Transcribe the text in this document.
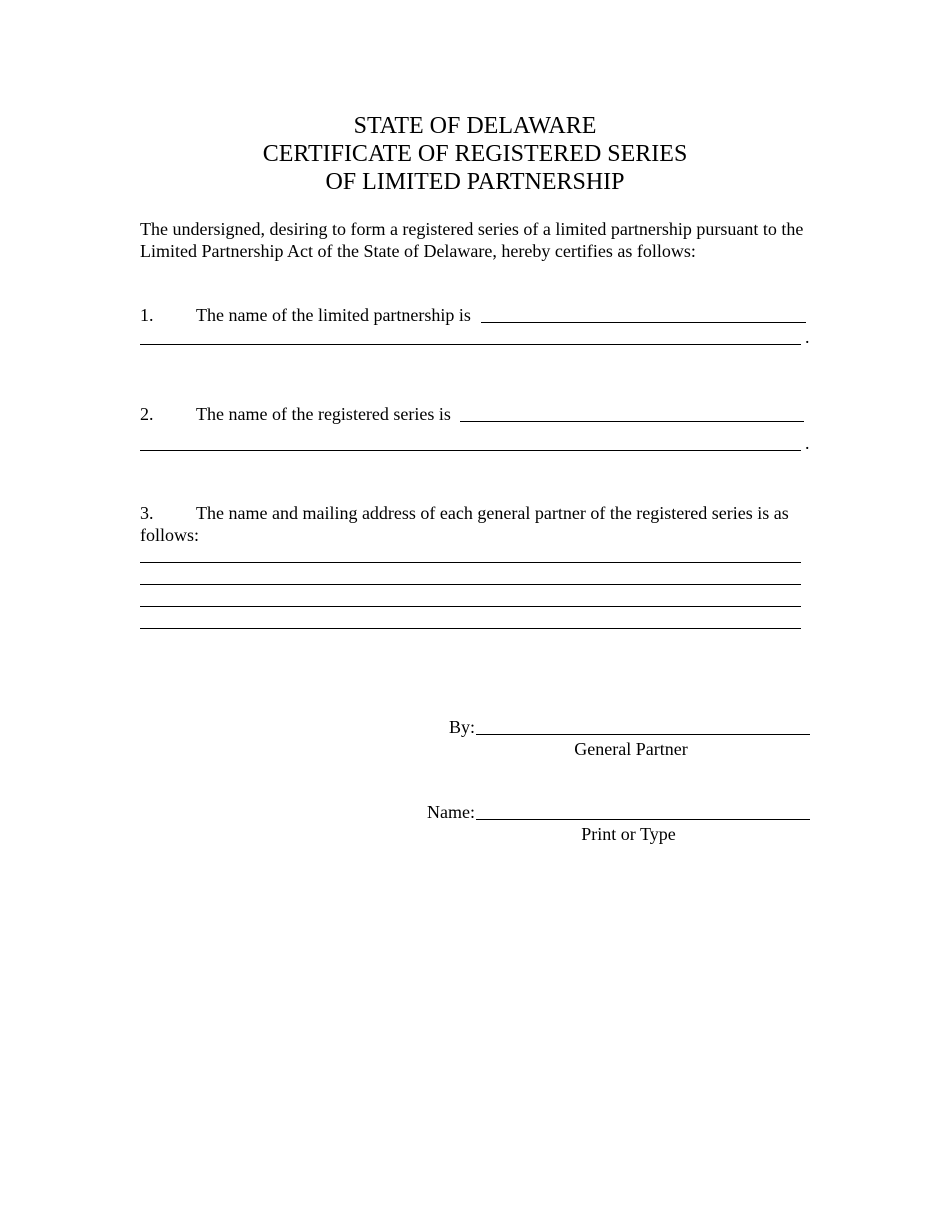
STATE OF DELAWARE
CERTIFICATE OF REGISTERED SERIES
OF LIMITED PARTNERSHIP
The undersigned, desiring to form a registered series of a limited partnership pursuant to the Limited Partnership Act of the State of Delaware, hereby certifies as follows:
1. The name of the limited partnership is
.
2. The name of the registered series is
.
3. The name and mailing address of each general partner of the registered series is as follows:
By:
General Partner
Name:
Print or Type
